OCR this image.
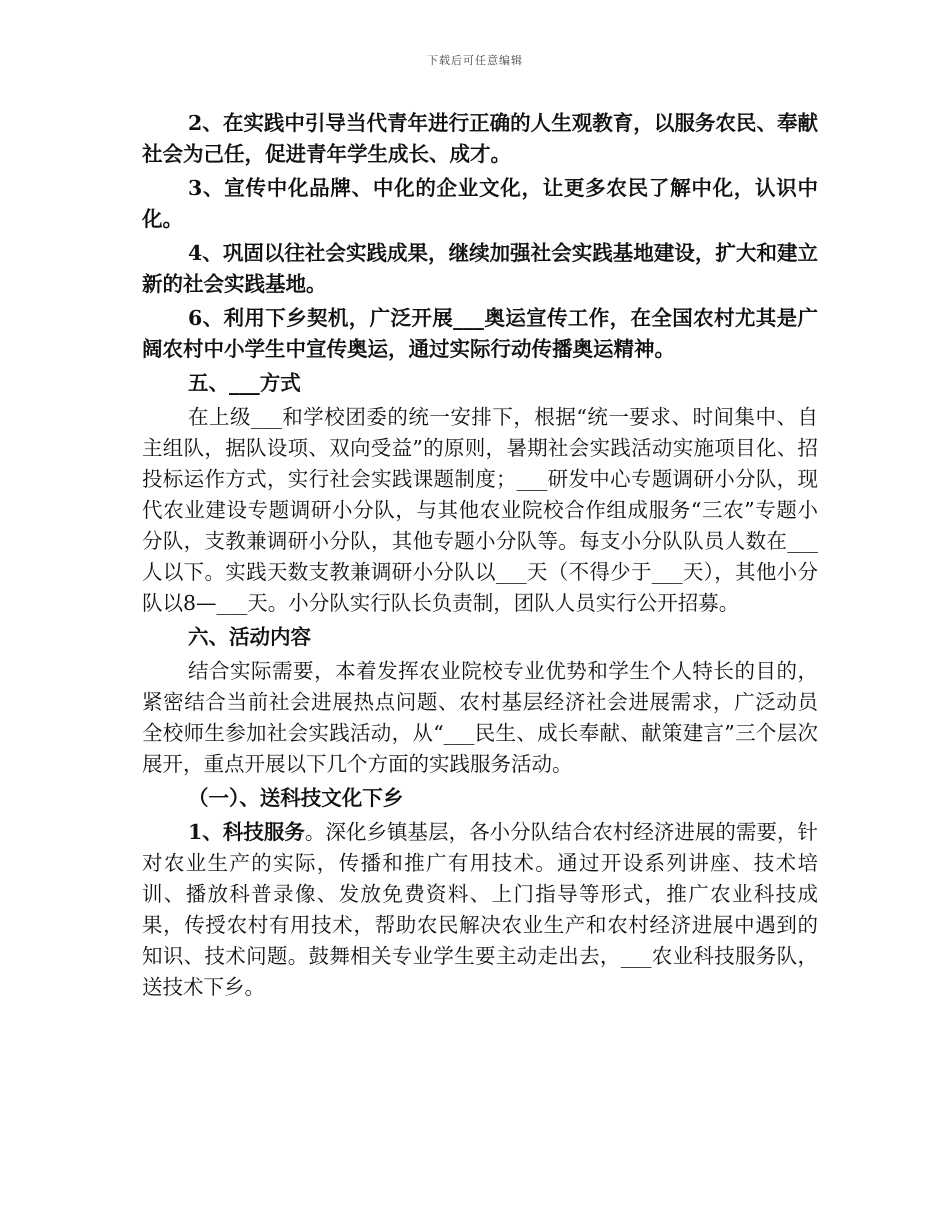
下载后可任意编辑

2、在实践中引导当代青年进行正确的人生观教育，以服务农民、奉献社会为己任，促进青年学生成长、成才。

3、宣传中化品牌、中化的企业文化，让更多农民了解中化，认识中化。

4、巩固以往社会实践成果，继续加强社会实践基地建设，扩大和建立新的社会实践基地。

6、利用下乡契机，广泛开展___奥运宣传工作，在全国农村尤其是广阔农村中小学生中宣传奥运，通过实际行动传播奥运精神。

五、___方式

在上级___和学校团委的统一安排下，根据“统一要求、时间集中、自主组队，据队设项、双向受益”的原则，暑期社会实践活动实施项目化、招投标运作方式，实行社会实践课题制度；___研发中心专题调研小分队，现代农业建设专题调研小分队，与其他农业院校合作组成服务“三农”专题小分队，支教兼调研小分队，其他专题小分队等。每支小分队队员人数在___人以下。实践天数支教兼调研小分队以___天（不得少于___天），其他小分队以8—___天。小分队实行队长负责制，团队人员实行公开招募。

六、活动内容

结合实际需要，本着发挥农业院校专业优势和学生个人特长的目的，紧密结合当前社会进展热点问题、农村基层经济社会进展需求，广泛动员全校师生参加社会实践活动，从“___民生、成长奉献、献策建言”三个层次展开，重点开展以下几个方面的实践服务活动。

（一）、送科技文化下乡

1、科技服务。深化乡镇基层，各小分队结合农村经济进展的需要，针对农业生产的实际，传播和推广有用技术。通过开设系列讲座、技术培训、播放科普录像、发放免费资料、上门指导等形式，推广农业科技成果，传授农村有用技术，帮助农民解决农业生产和农村经济进展中遇到的知识、技术问题。鼓舞相关专业学生要主动走出去，___农业科技服务队，送技术下乡。
